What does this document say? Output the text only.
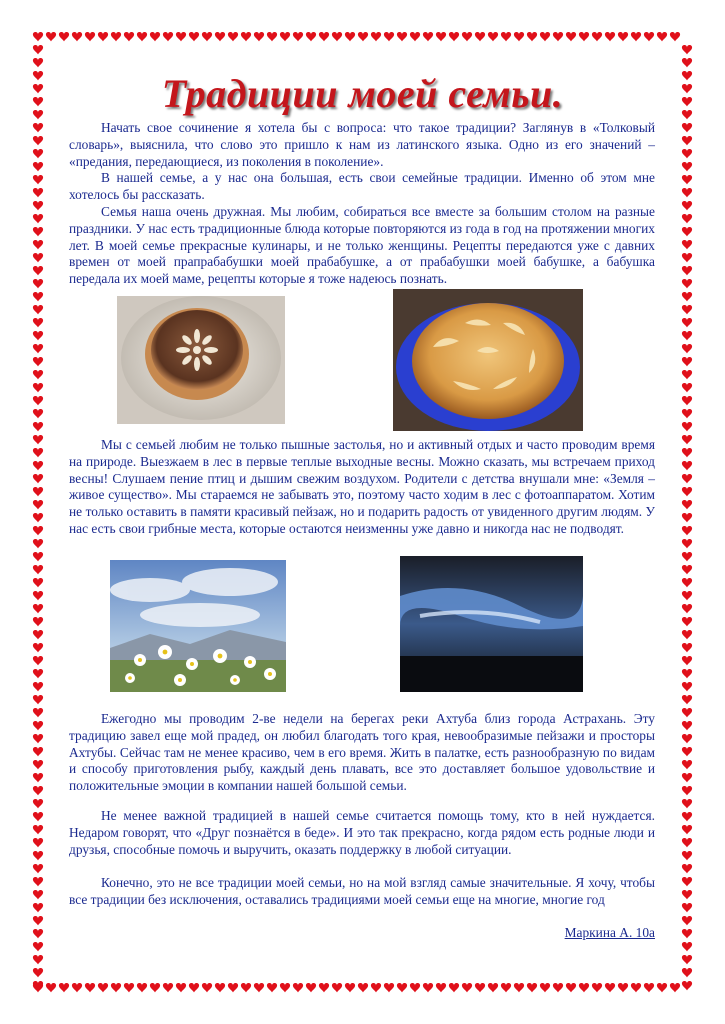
Традиции моей семьи.

Начать свое сочинение я хотела бы с вопроса: что такое традиции? Заглянув в «Толковый словарь», выяснила, что слово это пришло к нам из латинского языка. Одно из его значений – «предания, передающиеся, из поколения в поколение».

В нашей семье, а у нас она большая, есть свои семейные традиции. Именно об этом мне хотелось бы рассказать.

Семья наша очень дружная. Мы любим, собираться все вместе за большим столом на разные праздники. У нас есть традиционные блюда которые повторяются из года в год на протяжении многих лет. В моей семье прекрасные кулинары, и не только женщины. Рецепты передаются уже с давних времен от моей прапрабабушки моей прабабушке, а от прабабушки моей бабушке, а бабушка передала их моей маме, рецепты которые я тоже надеюсь познать.

Мы с семьей любим не только пышные застолья, но и активный отдых и часто проводим время на природе. Выезжаем в лес в первые теплые выходные весны. Можно сказать, мы встречаем приход весны! Слушаем пение птиц и дышим свежим воздухом. Родители с детства внушали мне: «Земля – живое существо». Мы стараемся не забывать это, поэтому часто ходим в лес с фотоаппаратом. Хотим не только оставить в памяти красивый пейзаж, но и подарить радость от увиденного другим людям. У нас есть свои грибные места, которые остаются неизменны уже давно и никогда нас не подводят.

Ежегодно мы проводим 2-ве недели на берегах реки Ахтуба близ города Астрахань. Эту традицию завел еще мой прадед, он любил благодать того края, невообразимые пейзажи и просторы Ахтубы. Сейчас там не менее красиво, чем в его время. Жить в палатке, есть разнообразную по видам и способу приготовления рыбу, каждый день плавать, все это доставляет большое удовольствие и положительные эмоции в компании нашей большой семьи.

Не менее важной традицией в нашей семье считается помощь тому, кто в ней нуждается. Недаром говорят, что «Друг познаётся в беде». И это так прекрасно, когда рядом есть родные люди и друзья, способные помочь и выручить, оказать поддержку в любой ситуации.

Конечно, это не все традиции моей семьи, но на мой взгляд самые значительные. Я хочу, чтобы все традиции без исключения, оставались традициями моей семьи еще на многие, многие год

Маркина А. 10а
